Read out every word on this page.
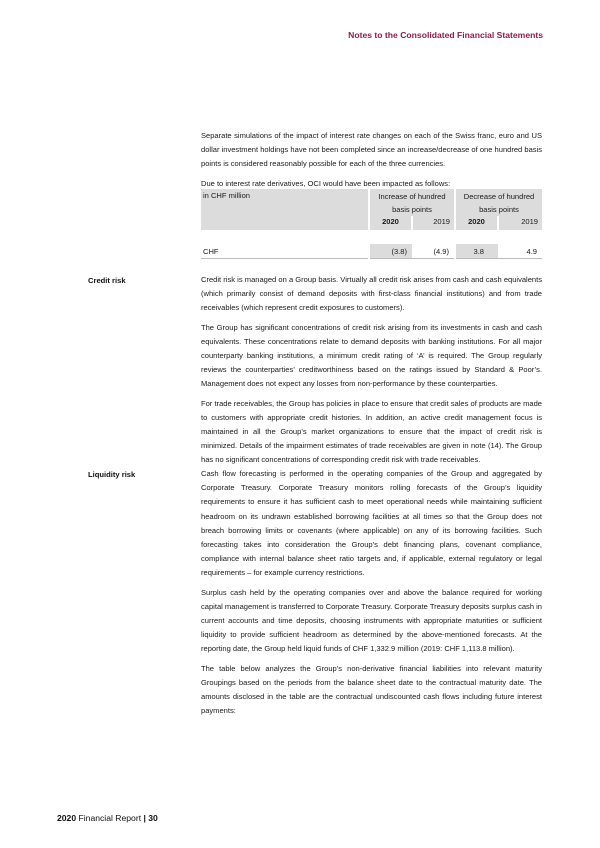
Notes to the Consolidated Financial Statements

Separate simulations of the impact of interest rate changes on each of the Swiss franc, euro and US dollar investment holdings have not been completed since an increase/decrease of one hundred basis points is considered reasonably possible for each of the three currencies.

Due to interest rate derivatives, OCI would have been impacted as follows:

in CHF million	Increase of hundred basis points		Decrease of hundred basis points	
	2020	2019	2020	2019

CHF	(3.8)	(4.9)	3.8	4.9
Credit risk	Credit risk is managed on a Group basis. Virtually all credit risk arises from cash and cash equivalents (which primarily consist of demand deposits with first-class financial institutions) and from trade receivables (which represent credit exposures to customers).

The Group has significant concentrations of credit risk arising from its investments in cash and cash equivalents. These concentrations relate to demand deposits with banking institutions. For all major counterparty banking institutions, a minimum credit rating of ‘A’ is required. The Group regularly reviews the counterparties’ creditworthiness based on the ratings issued by Standard & Poor’s. Management does not expect any losses from non-performance by these counterparties.

For trade receivables, the Group has policies in place to ensure that credit sales of products are made to customers with appropriate credit histories. In addition, an active credit management focus is maintained in all the Group’s market organizations to ensure that the impact of credit risk is minimized. Details of the impairment estimates of trade receivables are given in note (14). The Group has no significant concentrations of corresponding credit risk with trade receivables.

Liquidity risk	Cash flow forecasting is performed in the operating companies of the Group and aggregated by Corporate Treasury. Corporate Treasury monitors rolling forecasts of the Group’s liquidity requirements to ensure it has sufficient cash to meet operational needs while maintaining sufficient headroom on its undrawn established borrowing facilities at all times so that the Group does not breach borrowing limits or covenants (where applicable) on any of its borrowing facilities. Such forecasting takes into consideration the Group’s debt financing plans, covenant compliance, compliance with internal balance sheet ratio targets and, if applicable, external regulatory or legal requirements – for example currency restrictions.

Surplus cash held by the operating companies over and above the balance required for working capital management is transferred to Corporate Treasury. Corporate Treasury deposits surplus cash in current accounts and time deposits, choosing instruments with appropriate maturities or sufficient liquidity to provide sufficient headroom as determined by the above-mentioned forecasts. At the reporting date, the Group held liquid funds of CHF 1,332.9 million (2019: CHF 1,113.8 million).

The table below analyzes the Group’s non-derivative financial liabilities into relevant maturity Groupings based on the periods from the balance sheet date to the contractual maturity date. The amounts disclosed in the table are the contractual undiscounted cash flows including future interest payments:

2020 Financial Report | 30
